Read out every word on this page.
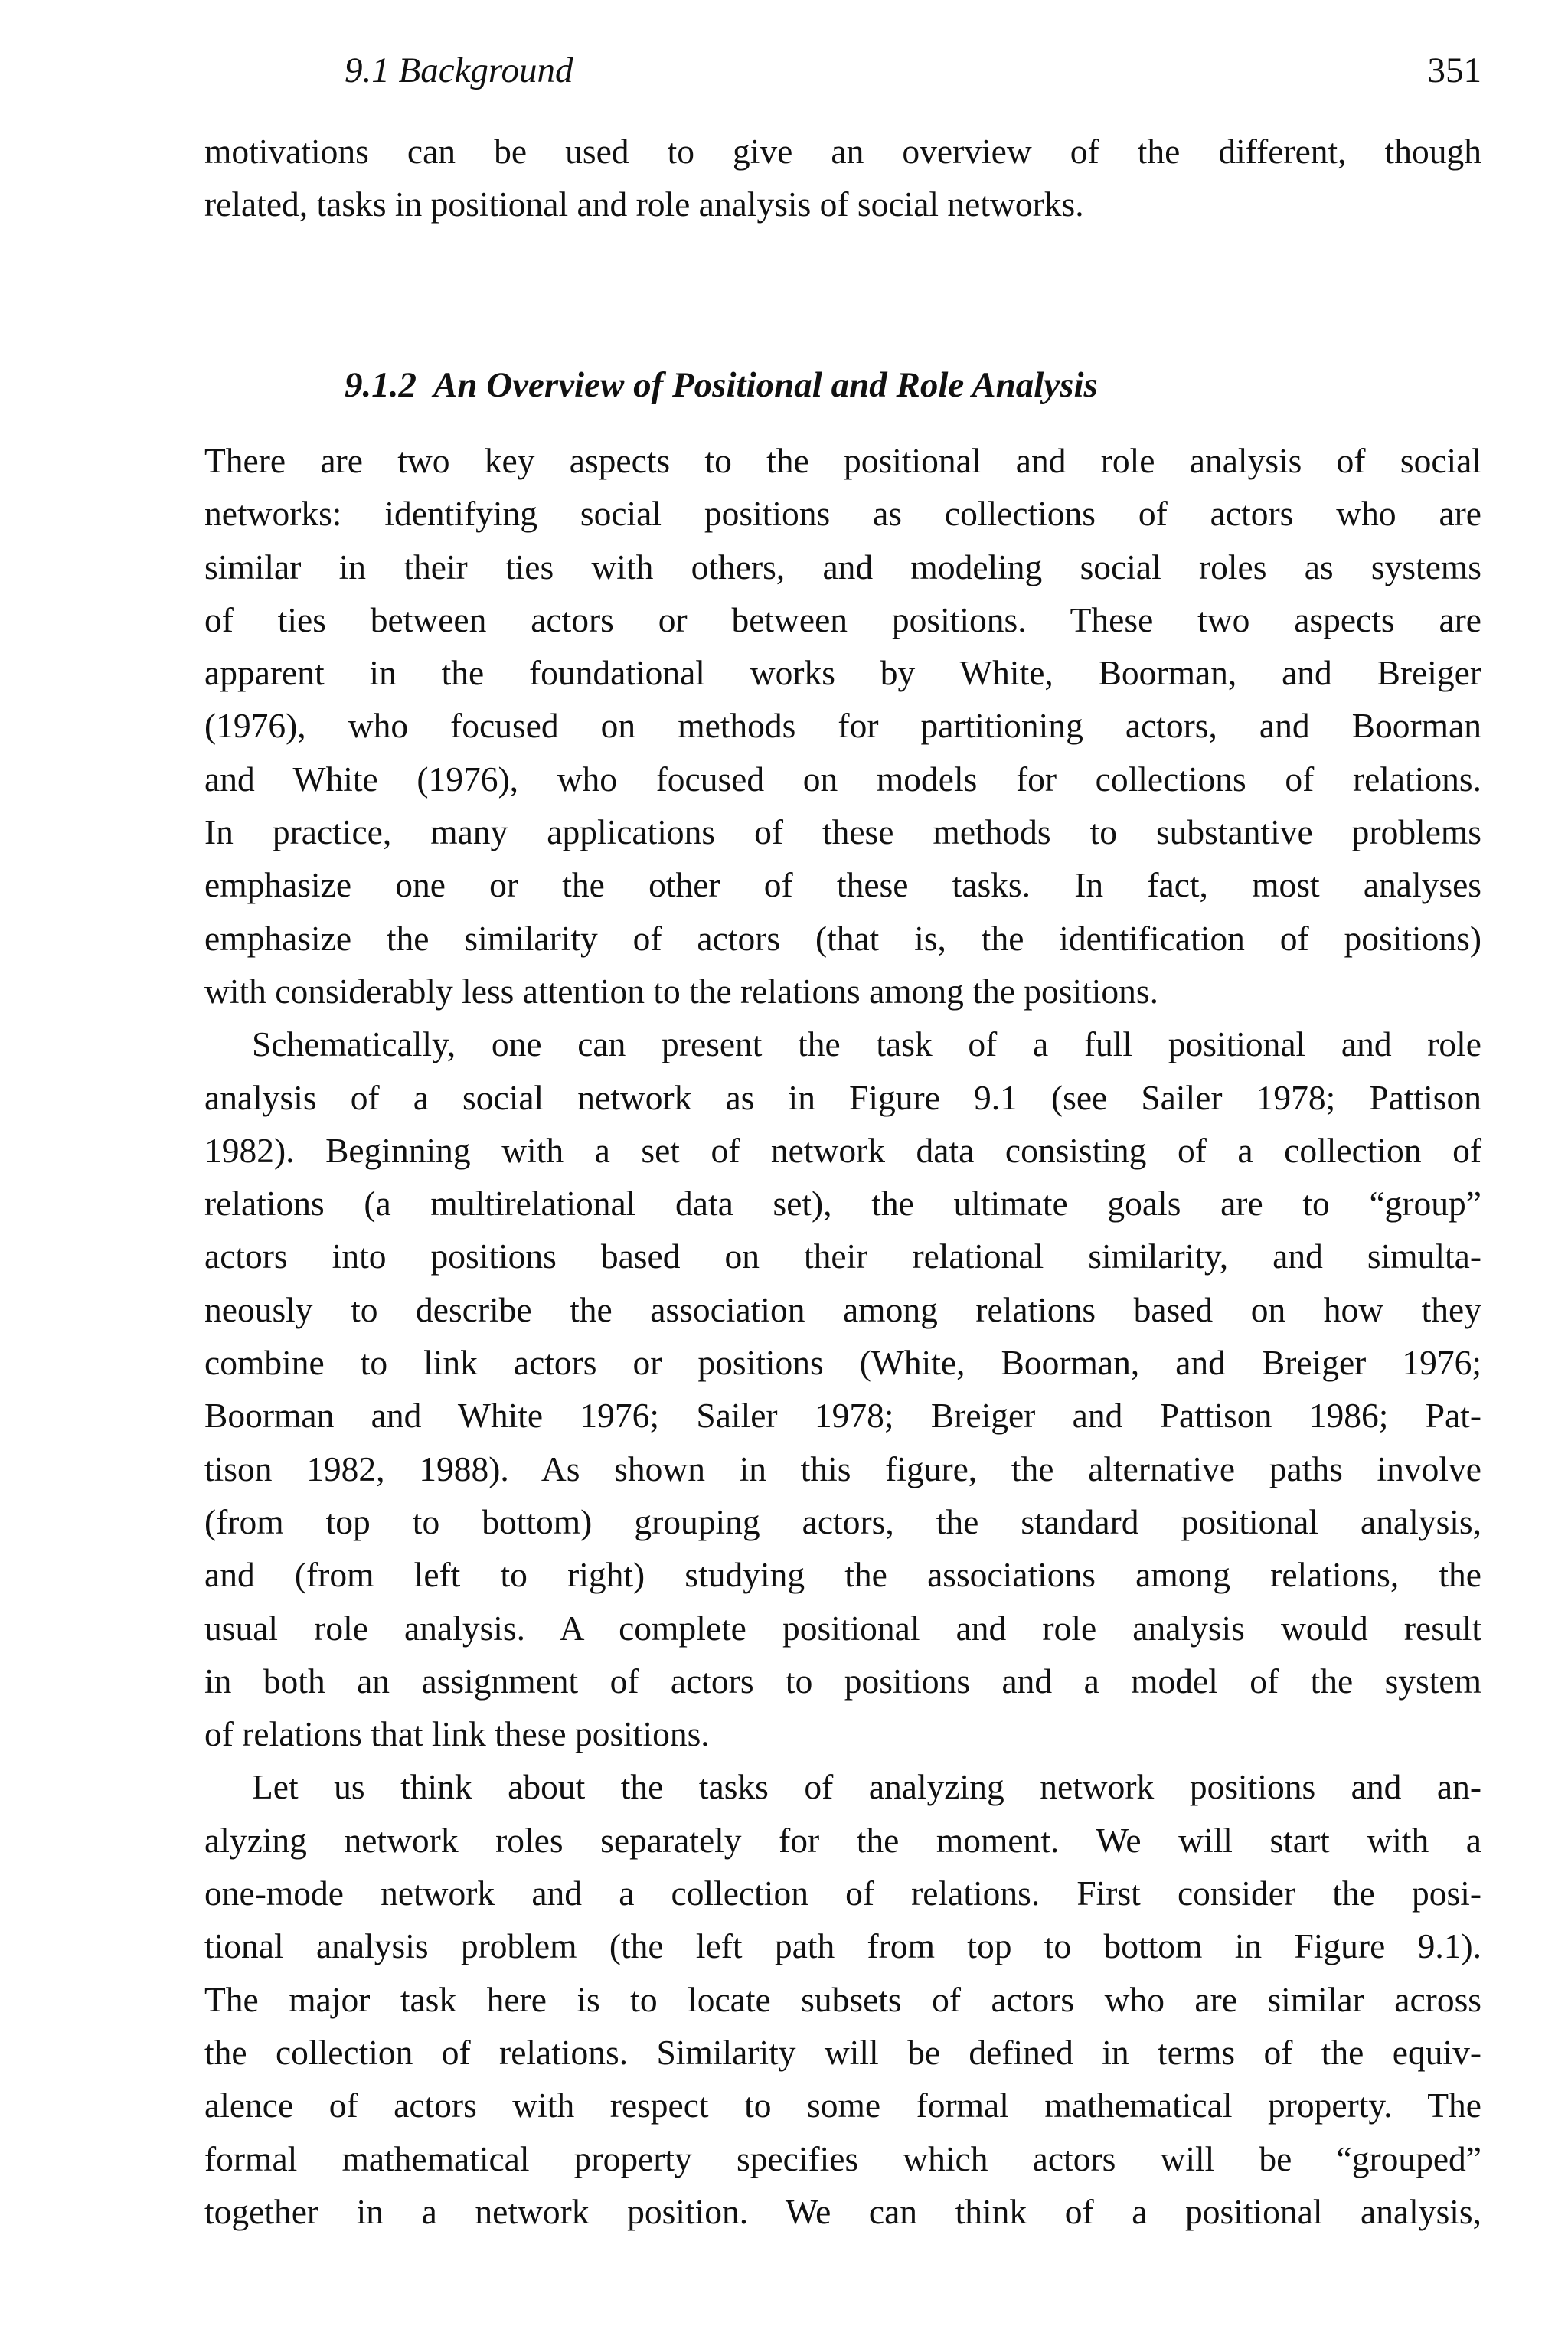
9.1 Background	351
motivations can be used to give an overview of the different, though
related, tasks in positional and role analysis of social networks.
9.1.2 An Overview of Positional and Role Analysis
There are two key aspects to the positional and role analysis of social
networks: identifying social positions as collections of actors who are
similar in their ties with others, and modeling social roles as systems
of ties between actors or between positions. These two aspects are
apparent in the foundational works by White, Boorman, and Breiger
(1976), who focused on methods for partitioning actors, and Boorman
and White (1976), who focused on models for collections of relations.
In practice, many applications of these methods to substantive problems
emphasize one or the other of these tasks. In fact, most analyses
emphasize the similarity of actors (that is, the identification of positions)
with considerably less attention to the relations among the positions.
Schematically, one can present the task of a full positional and role
analysis of a social network as in Figure 9.1 (see Sailer 1978; Pattison
1982). Beginning with a set of network data consisting of a collection of
relations (a multirelational data set), the ultimate goals are to “group”
actors into positions based on their relational similarity, and simulta-
neously to describe the association among relations based on how they
combine to link actors or positions (White, Boorman, and Breiger 1976;
Boorman and White 1976; Sailer 1978; Breiger and Pattison 1986; Pat-
tison 1982, 1988). As shown in this figure, the alternative paths involve
(from top to bottom) grouping actors, the standard positional analysis,
and (from left to right) studying the associations among relations, the
usual role analysis. A complete positional and role analysis would result
in both an assignment of actors to positions and a model of the system
of relations that link these positions.
Let us think about the tasks of analyzing network positions and an-
alyzing network roles separately for the moment. We will start with a
one-mode network and a collection of relations. First consider the posi-
tional analysis problem (the left path from top to bottom in Figure 9.1).
The major task here is to locate subsets of actors who are similar across
the collection of relations. Similarity will be defined in terms of the equiv-
alence of actors with respect to some formal mathematical property. The
formal mathematical property specifies which actors will be “grouped”
together in a network position. We can think of a positional analysis,
